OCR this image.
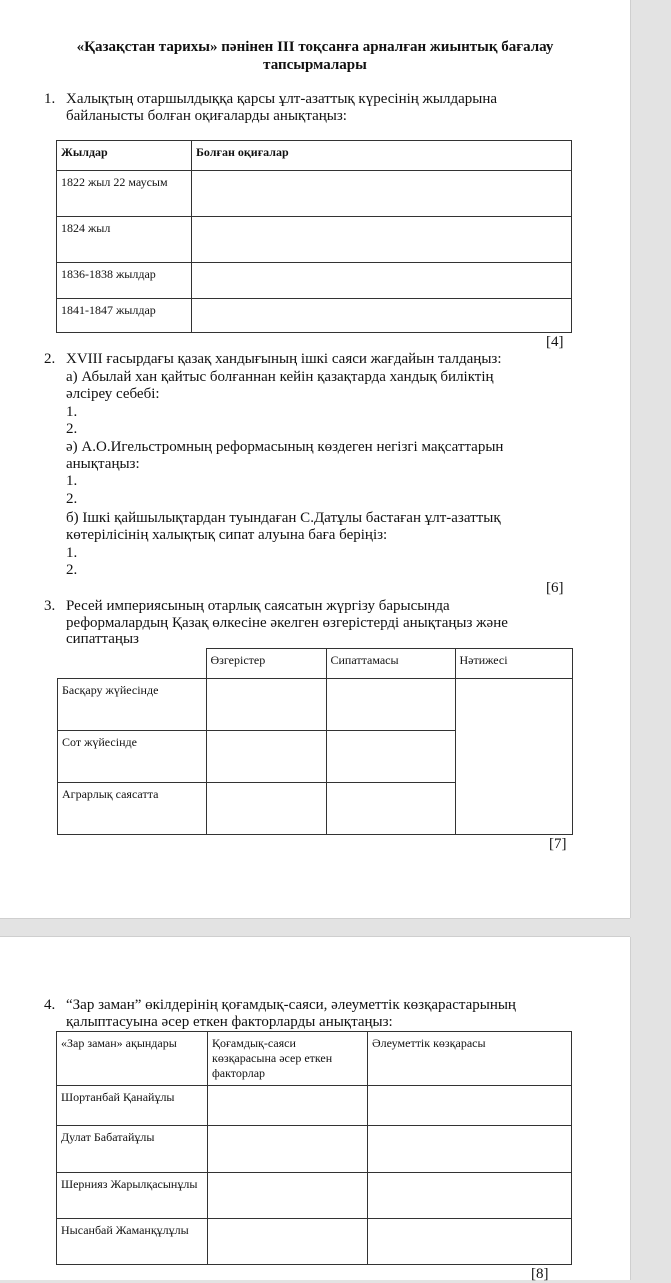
«Қазақстан тарихы» пәнінен ІІІ тоқсанға арналған жиынтық бағалау
тапсырмалары
1. Халықтың отаршылдыққа қарсы ұлт-азаттық күресінің жылдарына
байланысты болған оқиғаларды анықтаңыз:
Жылдар	Болған оқиғалар
1822 жыл 22 маусым	
1824 жыл	
1836-1838 жылдар	
1841-1847 жылдар	
[4]
2. XVIII ғасырдағы қазақ хандығының ішкі саяси жағдайын талдаңыз:
а) Абылай хан қайтыс болғаннан кейін қазақтарда хандық биліктің
әлсіреу себебі:
1.
2.
ә) А.О.Игельстромның реформасының көздеген негізгі мақсаттарын
анықтаңыз:
1.
2.
б) Ішкі қайшылықтардан туындаған С.Датұлы бастаған ұлт-азаттық
көтерілісінің халықтық сипат алуына баға беріңіз:
1.
2.
[6]
3. Ресей империясының отарлық саясатын жүргізу барысында
реформалардың Қазақ өлкесіне әкелген өзгерістерді анықтаңыз және
сипаттаңыз
	Өзгерістер	Сипаттамасы	Нәтижесі
Басқару жүйесінде			
Сот жүйесінде			
Аграрлық саясатта			
[7]
4. “Зар заман” өкілдерінің қоғамдық-саяси, әлеуметтік көзқарастарының
қалыптасуына әсер еткен факторларды анықтаңыз:
«Зар заман» ақындары	Қоғамдық-саяси көзқарасына әсер еткен факторлар	Әлеуметтік көзқарасы
Шортанбай Қанайұлы		
Дулат Бабатайұлы		
Шернияз Жарылқасынұлы		
Нысанбай Жаманқұлұлы		
[8]
